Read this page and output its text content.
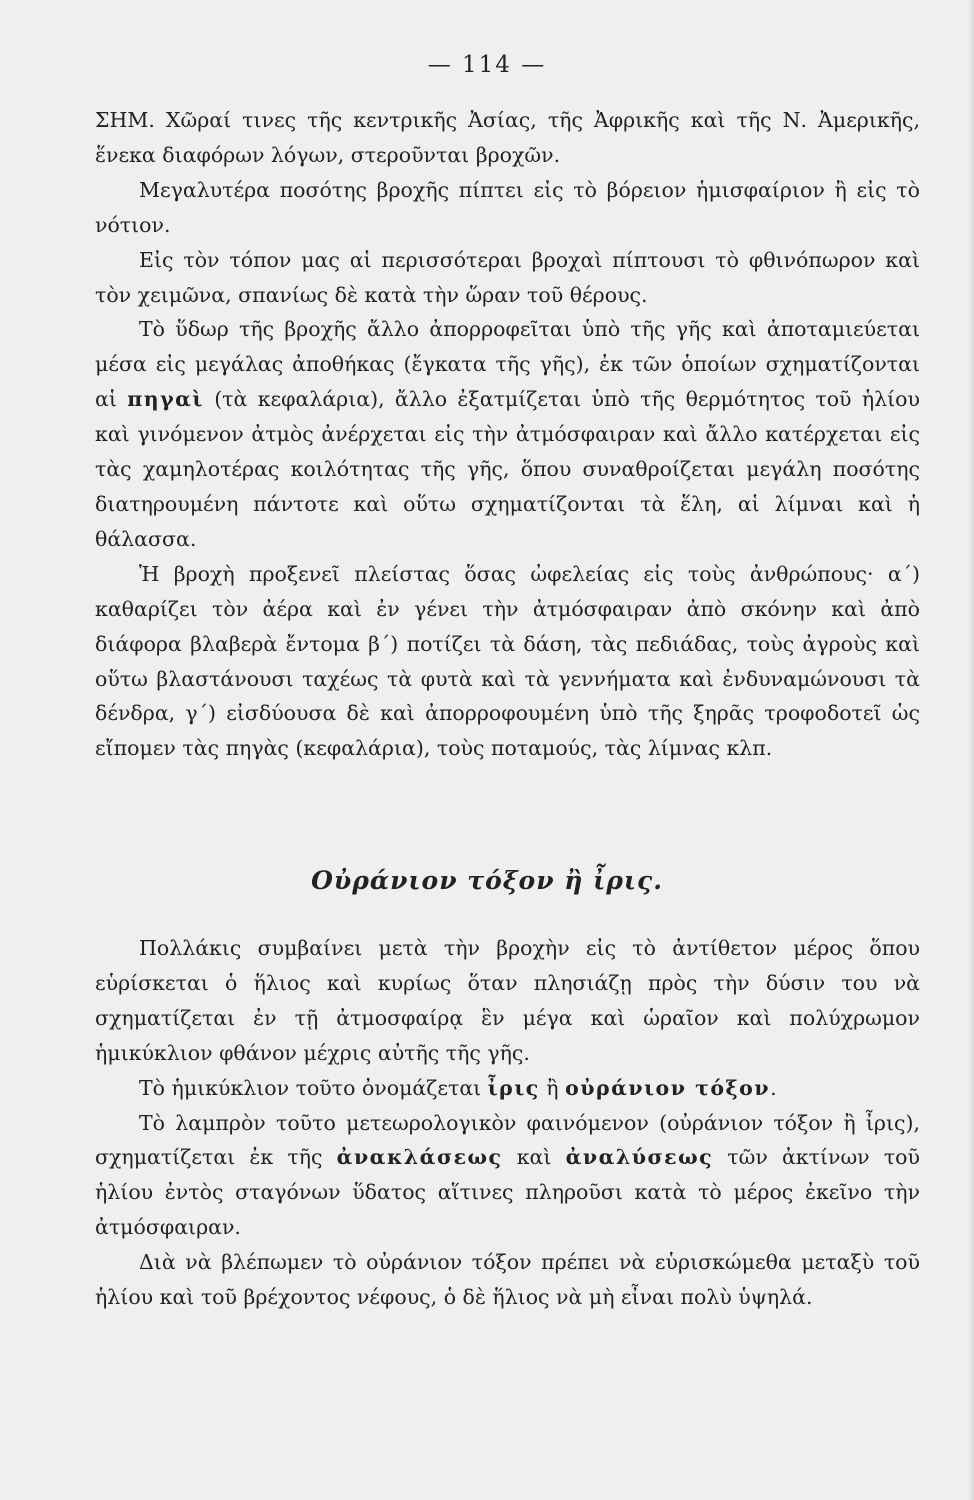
— 114 —

ΣΗΜ. Χῶραί τινες τῆς κεντρικῆς Ἀσίας, τῆς Ἀφρικῆς καὶ τῆς Ν. Ἀμερικῆς, ἕνεκα διαφόρων λόγων, στεροῦνται βροχῶν.

Μεγαλυτέρα ποσότης βροχῆς πίπτει εἰς τὸ βόρειον ἡμισφαίριον ἢ εἰς τὸ νότιον.

Εἰς τὸν τόπον μας αἱ περισσότεραι βροχαὶ πίπτουσι τὸ φθινόπωρον καὶ τὸν χειμῶνα, σπανίως δὲ κατὰ τὴν ὥραν τοῦ θέρους.

Τὸ ὕδωρ τῆς βροχῆς ἄλλο ἀπορροφεῖται ὑπὸ τῆς γῆς καὶ ἀποταμιεύεται μέσα εἰς μεγάλας ἀποθήκας (ἔγκατα τῆς γῆς), ἐκ τῶν ὁποίων σχηματίζονται αἱ πηγαὶ (τὰ κεφαλάρια), ἄλλο ἐξατμίζεται ὑπὸ τῆς θερμότητος τοῦ ἡλίου καὶ γινόμενον ἀτμὸς ἀνέρχεται εἰς τὴν ἀτμόσφαιραν καὶ ἄλλο κατέρχεται εἰς τὰς χαμηλοτέρας κοιλότητας τῆς γῆς, ὅπου συναθροίζεται μεγάλη ποσότης διατηρουμένη πάντοτε καὶ οὕτω σχηματίζονται τὰ ἕλη, αἱ λίμναι καὶ ἡ θάλασσα.

Ἡ βροχὴ προξενεῖ πλείστας ὅσας ὠφελείας εἰς τοὺς ἀνθρώπους· α΄) καθαρίζει τὸν ἀέρα καὶ ἐν γένει τὴν ἀτμόσφαιραν ἀπὸ σκόνην καὶ ἀπὸ διάφορα βλαβερὰ ἔντομα β΄) ποτίζει τὰ δάση, τὰς πεδιάδας, τοὺς ἀγροὺς καὶ οὕτω βλαστάνουσι ταχέως τὰ φυτὰ καὶ τὰ γεννήματα καὶ ἐνδυναμώνουσι τὰ δένδρα, γ΄) εἰσδύουσα δὲ καὶ ἀπορροφουμένη ὑπὸ τῆς ξηρᾶς τροφοδοτεῖ ὡς εἴπομεν τὰς πηγὰς (κεφαλάρια), τοὺς ποταμούς, τὰς λίμνας κλπ.

Οὐράνιον τόξον ἢ ἶρις.

Πολλάκις συμβαίνει μετὰ τὴν βροχὴν εἰς τὸ ἀντίθετον μέρος ὅπου εὑρίσκεται ὁ ἥλιος καὶ κυρίως ὅταν πλησιάζῃ πρὸς τὴν δύσιν του νὰ σχηματίζεται ἐν τῇ ἀτμοσφαίρᾳ ἓν μέγα καὶ ὡραῖον καὶ πολύχρωμον ἡμικύκλιον φθάνον μέχρις αὐτῆς τῆς γῆς.

Τὸ ἡμικύκλιον τοῦτο ὀνομάζεται ἶρις ἢ οὐράνιον τόξον.

Τὸ λαμπρὸν τοῦτο μετεωρολογικὸν φαινόμενον (οὐράνιον τόξον ἢ ἶρις), σχηματίζεται ἐκ τῆς ἀνακλάσεως καὶ ἀναλύσεως τῶν ἀκτίνων τοῦ ἡλίου ἐντὸς σταγόνων ὕδατος αἵτινες πληροῦσι κατὰ τὸ μέρος ἐκεῖνο τὴν ἀτμόσφαιραν.

Διὰ νὰ βλέπωμεν τὸ οὐράνιον τόξον πρέπει νὰ εὑρισκώμεθα μεταξὺ τοῦ ἡλίου καὶ τοῦ βρέχοντος νέφους, ὁ δὲ ἥλιος νὰ μὴ εἶναι πολὺ ὑψηλά.
